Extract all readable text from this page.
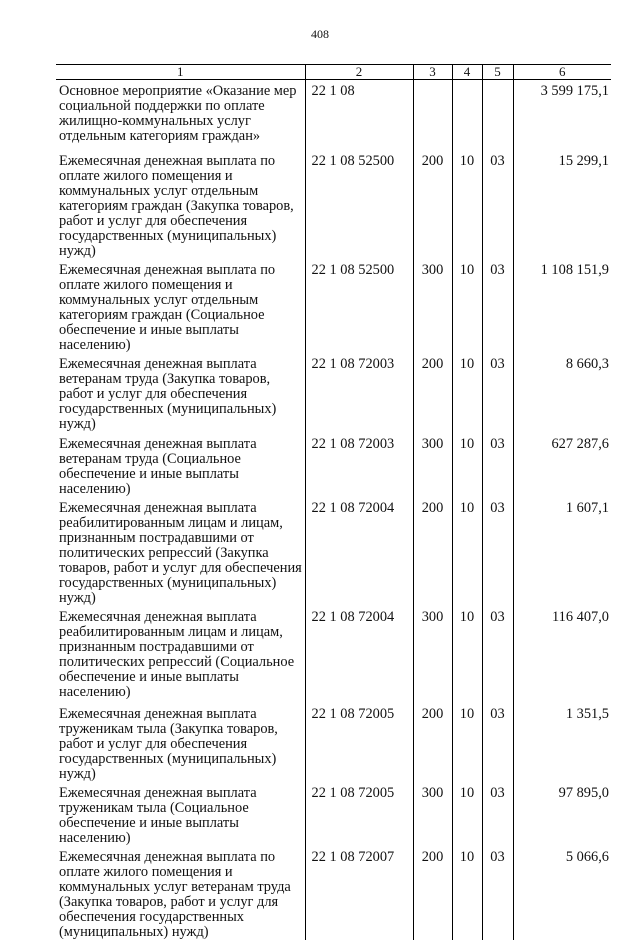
408
1	2	3	4	5	6
Основное мероприятие «Оказание мер социальной поддержки по оплате жилищно-коммунальных услуг отдельным категориям граждан»	22 1 08				3 599 175,1
Ежемесячная денежная выплата по оплате жилого помещения и коммунальных услуг отдельным категориям граждан (Закупка товаров, работ и услуг для обеспечения государственных (муниципальных) нужд)	22 1 08 52500	200	10	03	15 299,1
Ежемесячная денежная выплата по оплате жилого помещения и коммунальных услуг отдельным категориям граждан (Социальное обеспечение и иные выплаты населению)	22 1 08 52500	300	10	03	1 108 151,9
Ежемесячная денежная выплата ветеранам труда (Закупка товаров, работ и услуг для обеспечения государственных (муниципальных) нужд)	22 1 08 72003	200	10	03	8 660,3
Ежемесячная денежная выплата ветеранам труда (Социальное обеспечение и иные выплаты населению)	22 1 08 72003	300	10	03	627 287,6
Ежемесячная денежная выплата реабилитированным лицам и лицам, признанным пострадавшими от политических репрессий (Закупка товаров, работ и услуг для обеспечения государственных (муниципальных) нужд)	22 1 08 72004	200	10	03	1 607,1
Ежемесячная денежная выплата реабилитированным лицам и лицам, признанным пострадавшими от политических репрессий (Социальное обеспечение и иные выплаты населению)	22 1 08 72004	300	10	03	116 407,0
Ежемесячная денежная выплата труженикам тыла (Закупка товаров, работ и услуг для обеспечения государственных (муниципальных) нужд)	22 1 08 72005	200	10	03	1 351,5
Ежемесячная денежная выплата труженикам тыла (Социальное обеспечение и иные выплаты населению)	22 1 08 72005	300	10	03	97 895,0
Ежемесячная денежная выплата по оплате жилого помещения и коммунальных услуг ветеранам труда (Закупка товаров, работ и услуг для обеспечения государственных (муниципальных) нужд)	22 1 08 72007	200	10	03	5 066,6
